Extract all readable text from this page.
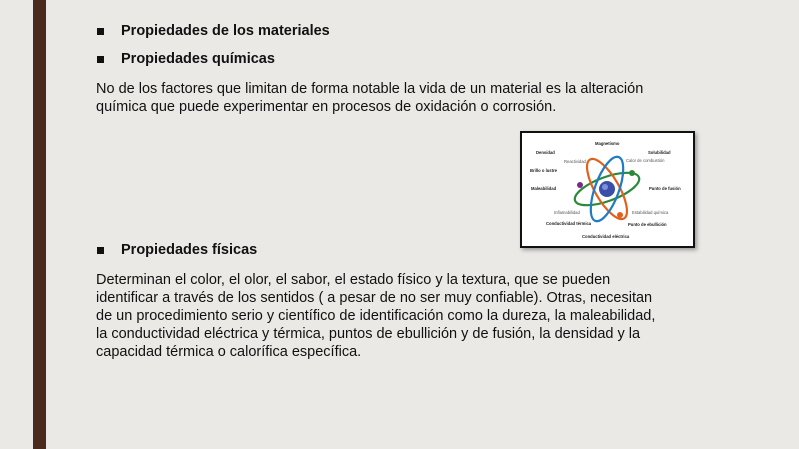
Propiedades de los materiales
Propiedades químicas
No de los factores que limitan de forma notable la vida de un material es la alteración
química que puede experimentar en procesos de oxidación o corrosión.
Magnetismo
Densidad	Solubilidad
Reactividad	Calor de combustión
Brillo o lustre
Punto de fusión
Maleabilidad
Inflamabilidad	Estabilidad química
Conductividad térmica	Punto de ebullición
Conductividad eléctrica
Propiedades físicas
Determinan el color, el olor, el sabor, el estado físico y la textura, que se pueden
identificar a través de los sentidos ( a pesar de no ser muy confiable). Otras, necesitan
de un procedimiento serio y científico de identificación como la dureza, la maleabilidad,
la conductividad eléctrica y térmica, puntos de ebullición y de fusión, la densidad y la
capacidad térmica o calorífica específica.
